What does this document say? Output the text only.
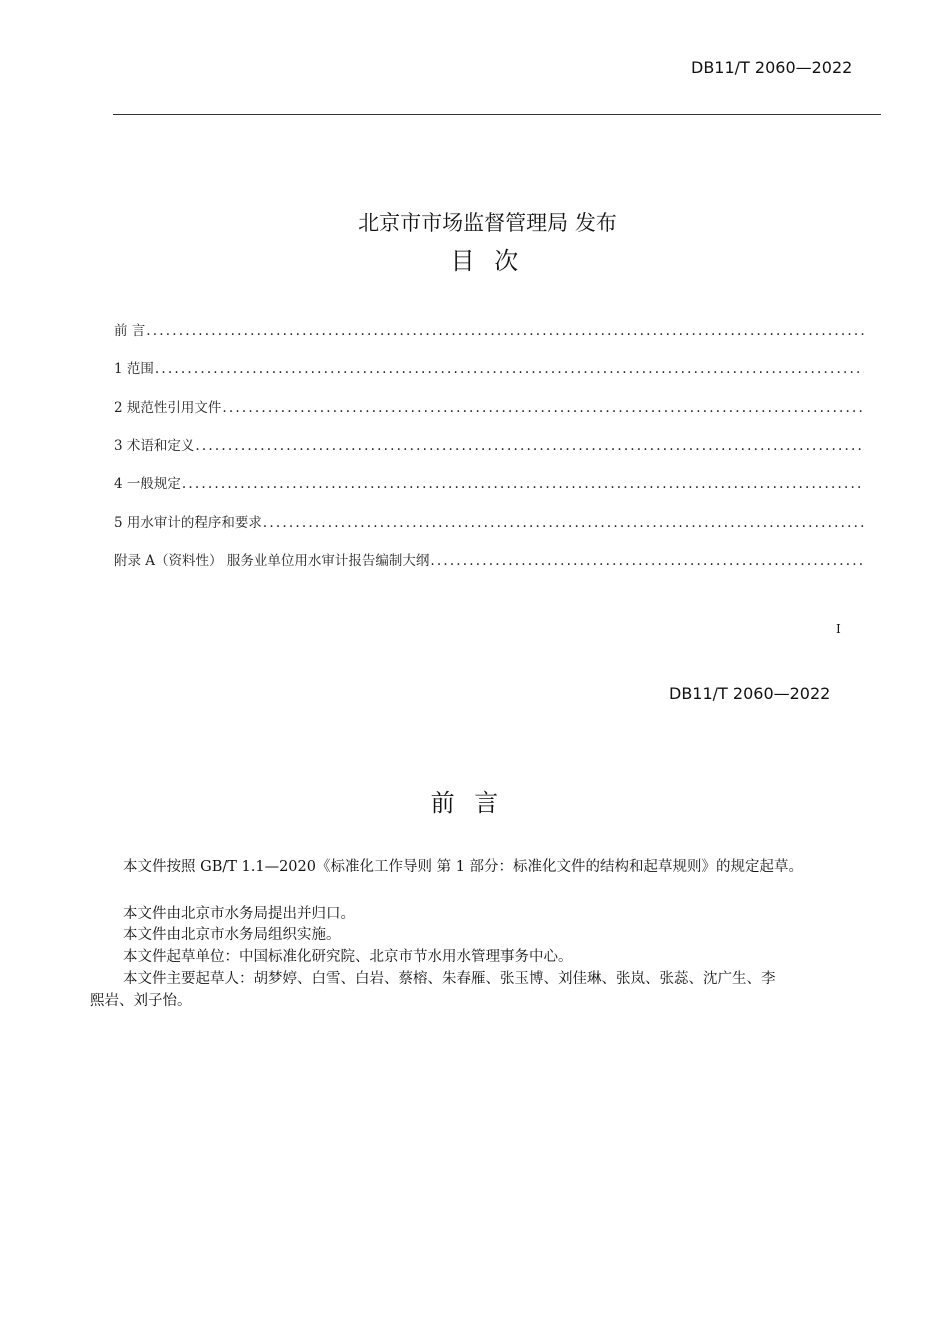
DB11/T 2060—2022
北京市市场监督管理局 发布
目 次
前 言 .....
1 范围 .....
2 规范性引用文件 .....
3 术语和定义 .....
4 一般规定 .....
5 用水审计的程序和要求 .....
附录 A（资料性） 服务业单位用水审计报告编制大纲 .....
I
DB11/T 2060—2022
前 言
本文件按照 GB/T 1.1—2020《标准化工作导则 第 1 部分：标准化文件的结构和起草规则》的规定起草。
本文件由北京市水务局提出并归口。
本文件由北京市水务局组织实施。
本文件起草单位：中国标准化研究院、北京市节水用水管理事务中心。
本文件主要起草人：胡梦婷、白雪、白岩、蔡榕、朱春雁、张玉博、刘佳琳、张岚、张蕊、沈广生、李
熙岩、刘子怡。
